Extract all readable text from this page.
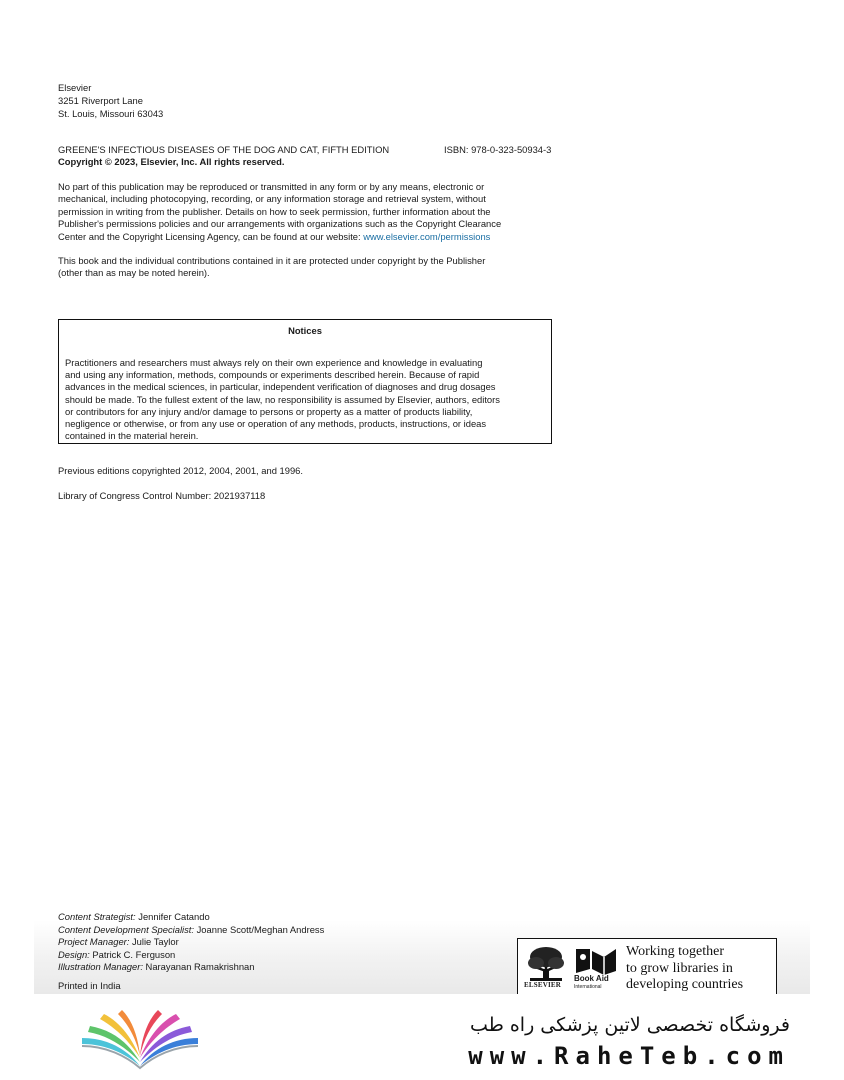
Elsevier
3251 Riverport Lane
St. Louis, Missouri 63043
GREENE'S INFECTIOUS DISEASES OF THE DOG AND CAT, FIFTH EDITION	ISBN: 978-0-323-50934-3
Copyright © 2023, Elsevier, Inc. All rights reserved.
No part of this publication may be reproduced or transmitted in any form or by any means, electronic or
mechanical, including photocopying, recording, or any information storage and retrieval system, without
permission in writing from the publisher. Details on how to seek permission, further information about the
Publisher's permissions policies and our arrangements with organizations such as the Copyright Clearance
Center and the Copyright Licensing Agency, can be found at our website: www.elsevier.com/permissions
This book and the individual contributions contained in it are protected under copyright by the Publisher
(other than as may be noted herein).
Notices
Practitioners and researchers must always rely on their own experience and knowledge in evaluating
and using any information, methods, compounds or experiments described herein. Because of rapid
advances in the medical sciences, in particular, independent verification of diagnoses and drug dosages
should be made. To the fullest extent of the law, no responsibility is assumed by Elsevier, authors, editors
or contributors for any injury and/or damage to persons or property as a matter of products liability,
negligence or otherwise, or from any use or operation of any methods, products, instructions, or ideas
contained in the material herein.
Previous editions copyrighted 2012, 2004, 2001, and 1996.
Library of Congress Control Number: 2021937118
Content Strategist: Jennifer Catando
Content Development Specialist: Joanne Scott/Meghan Andress
Project Manager: Julie Taylor
Design: Patrick C. Ferguson
Illustration Manager: Narayanan Ramakrishnan
Printed in India	ELSEVIER
Book Aid
International
Working together
to grow libraries in
developing countries
فروشگاه تخصصی لاتین پزشکی راه طب
www.RaheTeb.com
